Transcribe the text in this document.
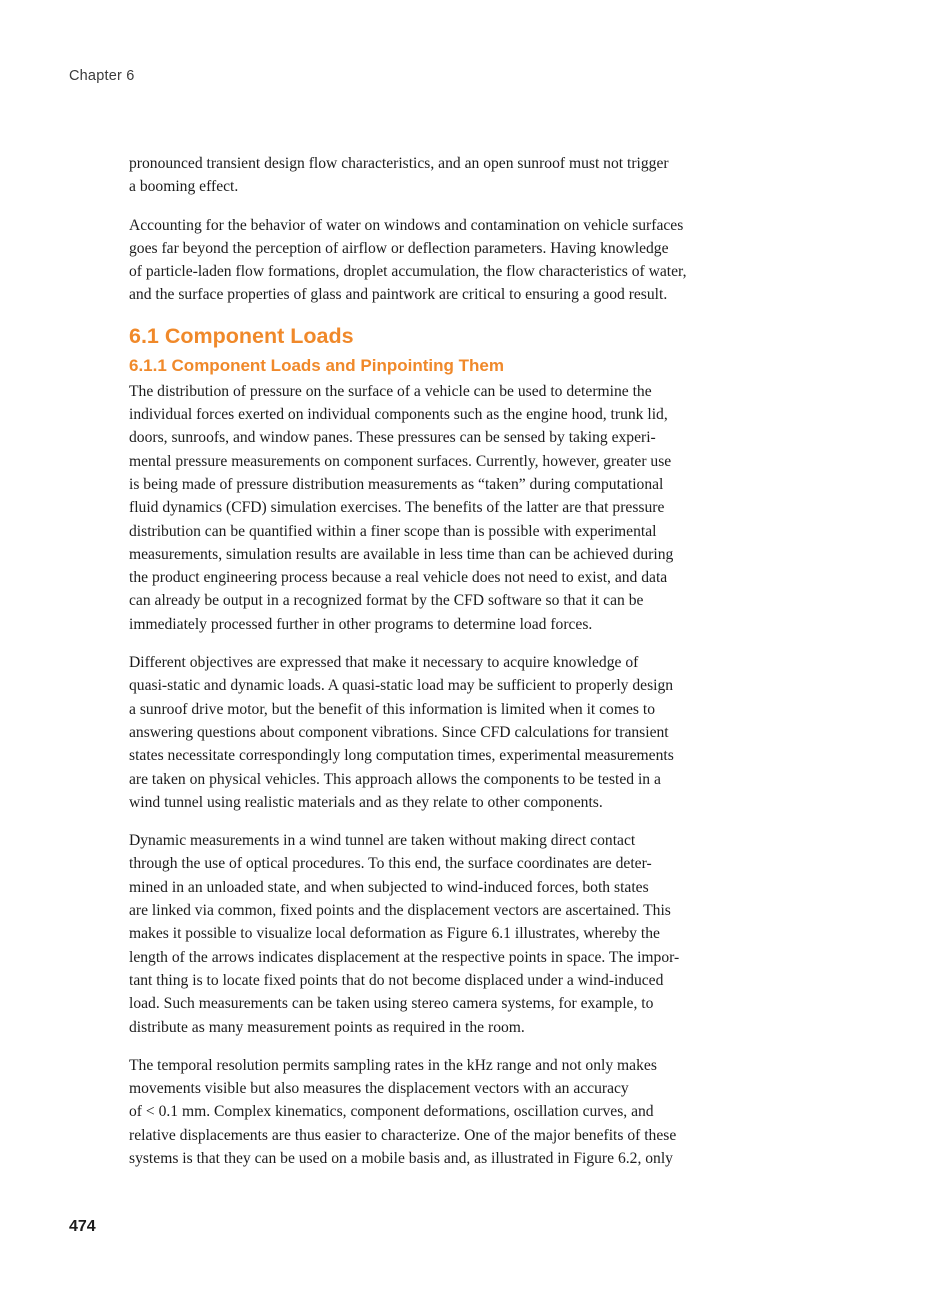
Chapter 6

pronounced transient design flow characteristics, and an open sunroof must not trigger
a booming effect.

Accounting for the behavior of water on windows and contamination on vehicle surfaces
goes far beyond the perception of airflow or deflection parameters. Having knowledge
of particle-laden flow formations, droplet accumulation, the flow characteristics of water,
and the surface properties of glass and paintwork are critical to ensuring a good result.

6.1 Component Loads
6.1.1 Component Loads and Pinpointing Them

The distribution of pressure on the surface of a vehicle can be used to determine the
individual forces exerted on individual components such as the engine hood, trunk lid,
doors, sunroofs, and window panes. These pressures can be sensed by taking experi-
mental pressure measurements on component surfaces. Currently, however, greater use
is being made of pressure distribution measurements as “taken” during computational
fluid dynamics (CFD) simulation exercises. The benefits of the latter are that pressure
distribution can be quantified within a finer scope than is possible with experimental
measurements, simulation results are available in less time than can be achieved during
the product engineering process because a real vehicle does not need to exist, and data
can already be output in a recognized format by the CFD software so that it can be
immediately processed further in other programs to determine load forces.

Different objectives are expressed that make it necessary to acquire knowledge of
quasi-static and dynamic loads. A quasi-static load may be sufficient to properly design
a sunroof drive motor, but the benefit of this information is limited when it comes to
answering questions about component vibrations. Since CFD calculations for transient
states necessitate correspondingly long computation times, experimental measurements
are taken on physical vehicles. This approach allows the components to be tested in a
wind tunnel using realistic materials and as they relate to other components.

Dynamic measurements in a wind tunnel are taken without making direct contact
through the use of optical procedures. To this end, the surface coordinates are deter-
mined in an unloaded state, and when subjected to wind-induced forces, both states
are linked via common, fixed points and the displacement vectors are ascertained. This
makes it possible to visualize local deformation as Figure 6.1 illustrates, whereby the
length of the arrows indicates displacement at the respective points in space. The impor-
tant thing is to locate fixed points that do not become displaced under a wind-induced
load. Such measurements can be taken using stereo camera systems, for example, to
distribute as many measurement points as required in the room.

The temporal resolution permits sampling rates in the kHz range and not only makes
movements visible but also measures the displacement vectors with an accuracy
of < 0.1 mm. Complex kinematics, component deformations, oscillation curves, and
relative displacements are thus easier to characterize. One of the major benefits of these
systems is that they can be used on a mobile basis and, as illustrated in Figure 6.2, only

474
